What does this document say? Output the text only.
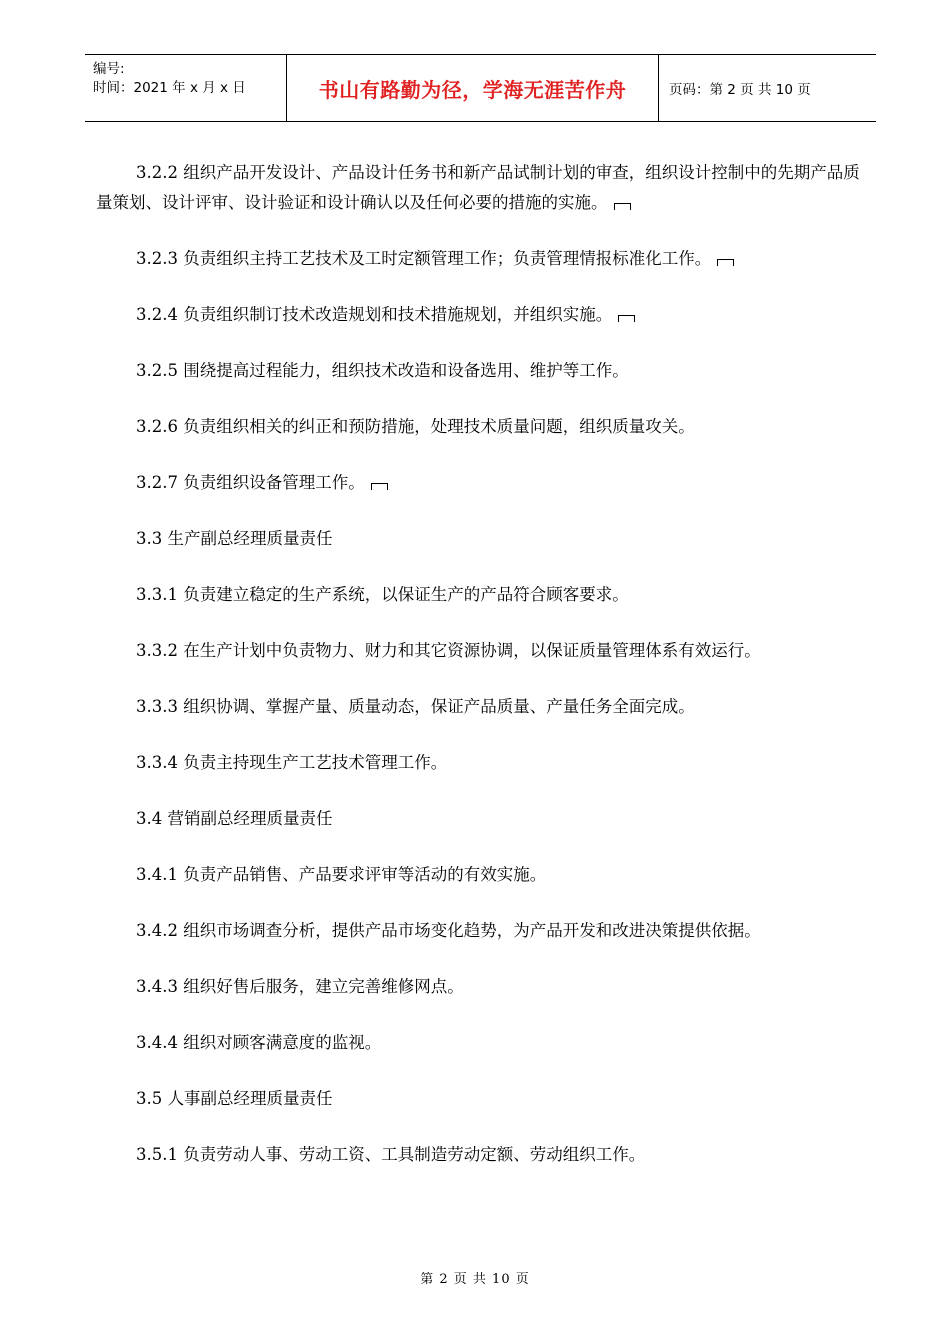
编号:
时间：2021 年 x 月 x 日	书山有路勤为径，学海无涯苦作舟	页码：第 2 页 共 10 页

3.2.2 组织产品开发设计、产品设计任务书和新产品试制计划的审查，组织设计控制中的先期产品质量策划、设计评审、设计验证和设计确认以及任何必要的措施的实施。

3.2.3 负责组织主持工艺技术及工时定额管理工作；负责管理情报标准化工作。

3.2.4 负责组织制订技术改造规划和技术措施规划，并组织实施。

3.2.5 围绕提高过程能力，组织技术改造和设备选用、维护等工作。

3.2.6 负责组织相关的纠正和预防措施，处理技术质量问题，组织质量攻关。

3.2.7 负责组织设备管理工作。

3.3 生产副总经理质量责任

3.3.1 负责建立稳定的生产系统，以保证生产的产品符合顾客要求。

3.3.2 在生产计划中负责物力、财力和其它资源协调，以保证质量管理体系有效运行。

3.3.3 组织协调、掌握产量、质量动态，保证产品质量、产量任务全面完成。

3.3.4 负责主持现生产工艺技术管理工作。

3.4 营销副总经理质量责任

3.4.1 负责产品销售、产品要求评审等活动的有效实施。

3.4.2 组织市场调查分析，提供产品市场变化趋势，为产品开发和改进决策提供依据。

3.4.3 组织好售后服务，建立完善维修网点。

3.4.4 组织对顾客满意度的监视。

3.5 人事副总经理质量责任

3.5.1 负责劳动人事、劳动工资、工具制造劳动定额、劳动组织工作。

第 2 页 共 10 页
